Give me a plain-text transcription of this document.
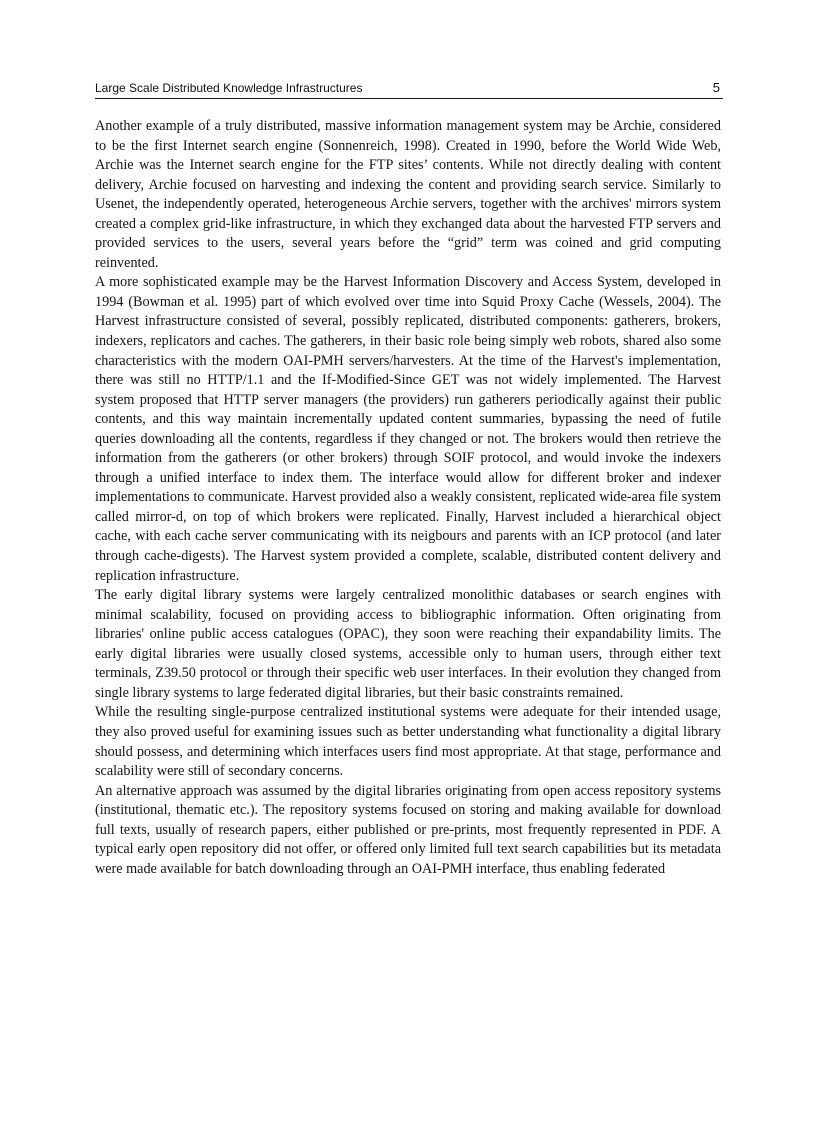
Large Scale Distributed Knowledge Infrastructures	5

Another example of a truly distributed, massive information management system may be Archie, considered to be the first Internet search engine (Sonnenreich, 1998). Created in 1990, before the World Wide Web, Archie was the Internet search engine for the FTP sites’ contents. While not directly dealing with content delivery, Archie focused on harvesting and indexing the content and providing search service. Similarly to Usenet, the independently operated, heterogeneous Archie servers, together with the archives' mirrors system created a complex grid-like infrastructure, in which they exchanged data about the harvested FTP servers and provided services to the users, several years before the “grid” term was coined and grid computing reinvented.

A more sophisticated example may be the Harvest Information Discovery and Access System, developed in 1994 (Bowman et al. 1995) part of which evolved over time into Squid Proxy Cache (Wessels, 2004). The Harvest infrastructure consisted of several, possibly replicated, distributed components: gatherers, brokers, indexers, replicators and caches. The gatherers, in their basic role being simply web robots, shared also some characteristics with the modern OAI-PMH servers/harvesters. At the time of the Harvest's implementation, there was still no HTTP/1.1 and the If-Modified-Since GET was not widely implemented. The Harvest system proposed that HTTP server managers (the providers) run gatherers periodically against their public contents, and this way maintain incrementally updated content summaries, bypassing the need of futile queries downloading all the contents, regardless if they changed or not. The brokers would then retrieve the information from the gatherers (or other brokers) through SOIF protocol, and would invoke the indexers through a unified interface to index them. The interface would allow for different broker and indexer implementations to communicate. Harvest provided also a weakly consistent, replicated wide-area file system called mirror-d, on top of which brokers were replicated. Finally, Harvest included a hierarchical object cache, with each cache server communicating with its neigbours and parents with an ICP protocol (and later through cache-digests). The Harvest system provided a complete, scalable, distributed content delivery and replication infrastructure.

The early digital library systems were largely centralized monolithic databases or search engines with minimal scalability, focused on providing access to bibliographic information. Often originating from libraries' online public access catalogues (OPAC), they soon were reaching their expandability limits. The early digital libraries were usually closed systems, accessible only to human users, through either text terminals, Z39.50 protocol or through their specific web user interfaces. In their evolution they changed from single library systems to large federated digital libraries, but their basic constraints remained.

While the resulting single-purpose centralized institutional systems were adequate for their intended usage, they also proved useful for examining issues such as better understanding what functionality a digital library should possess, and determining which interfaces users find most appropriate. At that stage, performance and scalability were still of secondary concerns.

An alternative approach was assumed by the digital libraries originating from open access repository systems (institutional, thematic etc.). The repository systems focused on storing and making available for download full texts, usually of research papers, either published or pre-prints, most frequently represented in PDF. A typical early open repository did not offer, or offered only limited full text search capabilities but its metadata were made available for batch downloading through an OAI-PMH interface, thus enabling federated
